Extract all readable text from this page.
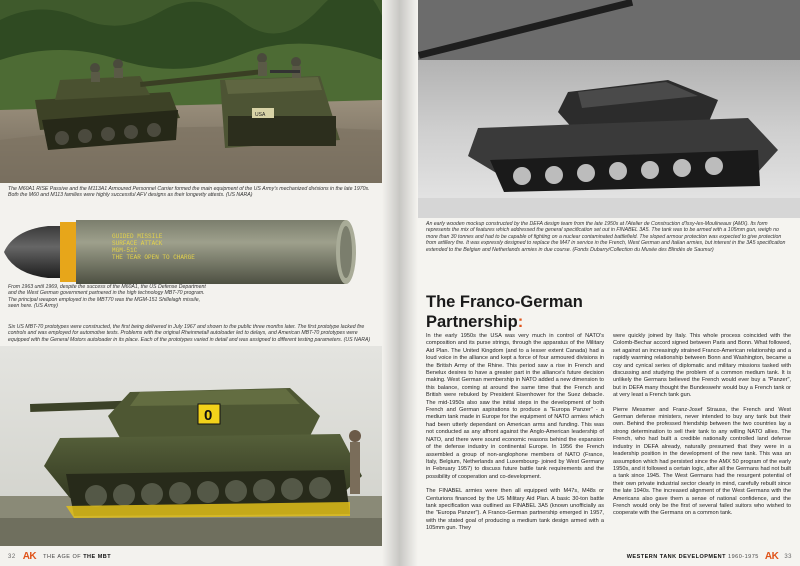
USA
The M60A1 RISE Passive and the M113A1 Armoured Personnel Carrier formed the main equipment of the US Army's mechanized divisions in the late 1970s. Both the M60 and M113 families were highly successful AFV designs as their longevity attests. (US NARA)
GUIDED MISSILE
SURFACE ATTACK
MGM-51C
THE TEAR OPEN TO CHARGE
From 1963 until 1969, despite the success of the M60A1, the US Defense Department and the West German government partnered in the high technology MBT-70 program. The principal weapon employed in the MBT70 was the MGM-151 Shillelagh missile, seen here. (US Army)
Six US MBT-70 prototypes were constructed, the first being delivered in July 1967 and shown to the public three months later. The first prototype lacked fire controls and was employed for automotive tests. Problems with the original Rheinmetall autoloader led to delays, and American MBT-70 prototypes were equipped with the General Motors autoloader in its place. Each of the prototypes varied in detail and was assigned to different testing parameters. (US NARA)
0
32 AK THE AGE OF THE MBT
An early wooden mockup constructed by the DEFA design team from the late 1950s at l'Atelier de Construction d'Issy-les-Moulineaux (AMX). Its form represents the mix of features which addressed the general specification set out in FINABEL 3A5. The tank was to be armed with a 105mm gun, weigh no more than 30 tonnes and had to be capable of fighting on a nuclear contaminated battlefield. The sloped armour protection was expected to give protection from artillery fire. It was expressly designed to replace the M47 in service in the French, West German and Italian armies, but interest in the 3A5 specification extended to the Belgian and Netherlands armies in due course. (Fonds Dubarry/Collection du Musée des Blindés de Saumur)
The Franco-German
Partnership:

In the early 1950s the USA was very much in control of NATO's composition and its purse strings, through the apparatus of the Military Aid Plan. The United Kingdom (and to a lesser extent Canada) had a loud voice in the alliance and kept a force of four armoured divisions in the British Army of the Rhine. This period saw a rise in French and Benelux desires to have a greater part in the alliance's future decision making. West German membership in NATO added a new dimension to this balance, coming at around the same time that the French and British were rebuked by President Eisenhower for the Suez debacle. The mid-1950s also saw the initial steps in the development of both French and German aspirations to produce a "Europa Panzer" - a medium tank made in Europe for the equipment of NATO armies which had been utterly dependant on American arms and funding. This was not conducted as any affront against the Anglo-American leadership of NATO, and there were sound economic reasons behind the expansion of the defense industry in continental Europe. In 1956 the French assembled a group of non-anglophone members of NATO (France, Italy, Belgium, Netherlands and Luxembourg- joined by West Germany in February 1957) to discuss future battle tank requirements and the possibility of cooperation and co-development.

The FINABEL armies were then all equipped with M47s, M48s or Centurions financed by the US Military Aid Plan. A basic 30-ton battle tank specification was outlined as FINABEL 3A5 (known unofficially as the "Europa Panzer"). A Franco-German partnership emerged in 1957, with the stated goal of producing a medium tank design armed with a 105mm gun. They

were quickly joined by Italy. This whole process coincided with the Colomb-Bechar accord signed between Paris and Bonn. What followed, set against an increasingly strained Franco-American relationship and a rapidly warming relationship between Bonn and Washington, became a coy and cynical series of diplomatic and military missions tasked with discussing and studying the problem of a common medium tank. It is unlikely the Germans believed the French would ever buy a "Panzer", but in DEFA many thought the Bundeswehr would buy a French tank or at very least a French tank gun.

Pierre Messmer and Franz-Josef Strauss, the French and West German defense ministers, never intended to buy any tank but their own. Behind the professed friendship between the two countries lay a strong determination to sell their tank to any willing NATO allies. The French, who had built a credible nationally controlled land defense industry in DEFA already, naturally presumed that they were in a leadership position in the development of the new tank. This was an assumption which had persisted since the AMX 50 program of the early 1950s, and it followed a certain logic, after all the Germans had not built a tank since 1945. The West Germans had the resurgent potential of their own private industrial sector clearly in mind, carefully rebuilt since the late 1940s. The increased alignment of the West Germans with the Americans also gave them a sense of national confidence, and the French would only be the first of several failed suitors who wished to cooperate with the Germans on a common tank.

WESTERN TANK DEVELOPMENT 1960-1975 AK 33
